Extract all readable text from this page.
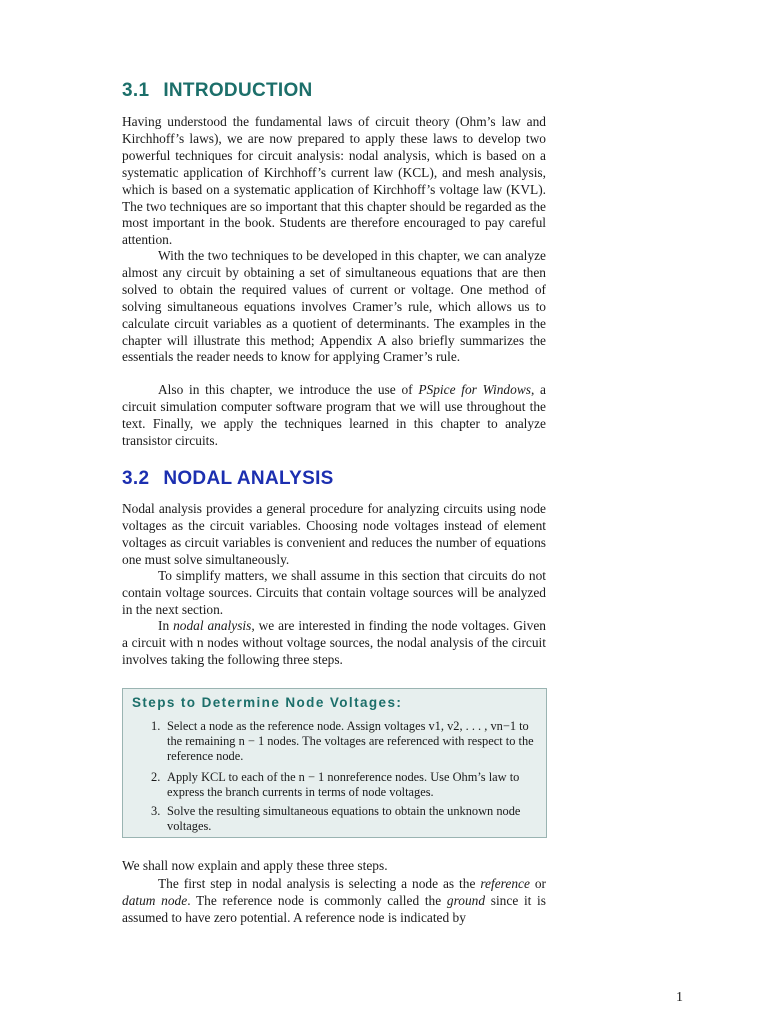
3.1 INTRODUCTION

Having understood the fundamental laws of circuit theory (Ohm’s law and Kirchhoff’s laws), we are now prepared to apply these laws to develop two powerful techniques for circuit analysis: nodal analysis, which is based on a systematic application of Kirchhoff’s current law (KCL), and mesh analysis, which is based on a systematic application of Kirchhoff’s voltage law (KVL). The two techniques are so important that this chapter should be regarded as the most important in the book. Students are therefore encouraged to pay careful attention.

With the two techniques to be developed in this chapter, we can analyze almost any circuit by obtaining a set of simultaneous equations that are then solved to obtain the required values of current or voltage. One method of solving simultaneous equations involves Cramer’s rule, which allows us to calculate circuit variables as a quotient of determinants. The examples in the chapter will illustrate this method; Appendix A also briefly summarizes the essentials the reader needs to know for applying Cramer’s rule.

Also in this chapter, we introduce the use of PSpice for Windows, a circuit simulation computer software program that we will use throughout the text. Finally, we apply the techniques learned in this chapter to analyze transistor circuits.

3.2 NODAL ANALYSIS

Nodal analysis provides a general procedure for analyzing circuits using node voltages as the circuit variables. Choosing node voltages instead of element voltages as circuit variables is convenient and reduces the number of equations one must solve simultaneously.

To simplify matters, we shall assume in this section that circuits do not contain voltage sources. Circuits that contain voltage sources will be analyzed in the next section.

In nodal analysis, we are interested in finding the node voltages. Given a circuit with n nodes without voltage sources, the nodal analysis of the circuit involves taking the following three steps.

Steps to Determine Node Voltages:

1. Select a node as the reference node. Assign voltages v1, v2, . . . , vn−1 to the remaining n − 1 nodes. The voltages are referenced with respect to the reference node.

2. Apply KCL to each of the n − 1 nonreference nodes. Use Ohm’s law to express the branch currents in terms of node voltages.

3. Solve the resulting simultaneous equations to obtain the unknown node voltages.

We shall now explain and apply these three steps.

The first step in nodal analysis is selecting a node as the reference or datum node. The reference node is commonly called the ground since it is assumed to have zero potential. A reference node is indicated by

1
